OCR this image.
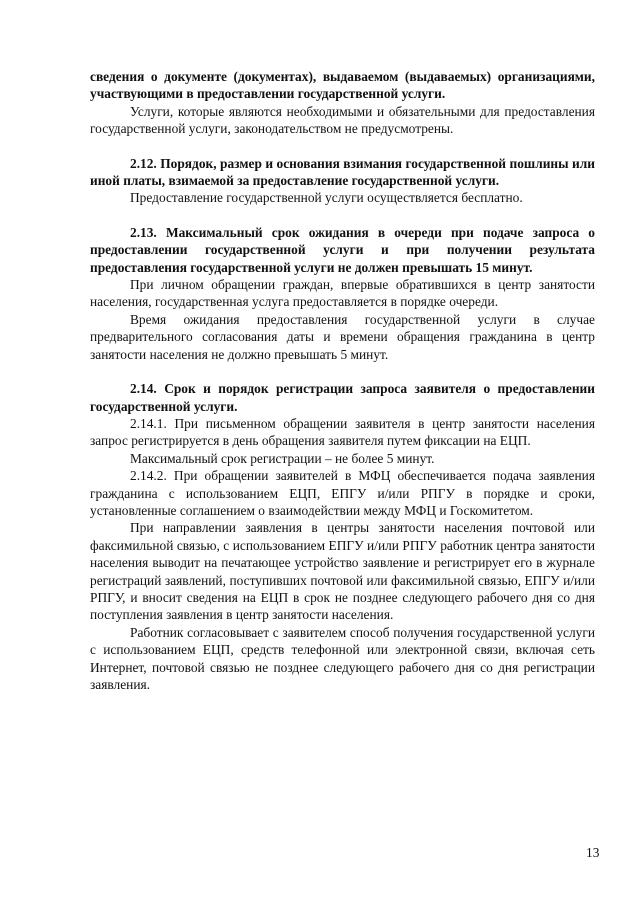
сведения о документе (документах), выдаваемом (выдаваемых) организациями, участвующими в предоставлении государственной услуги.

Услуги, которые являются необходимыми и обязательными для предоставления государственной услуги, законодательством не предусмотрены.

2.12. Порядок, размер и основания взимания государственной пошлины или иной платы, взимаемой за предоставление государственной услуги.

Предоставление государственной услуги осуществляется бесплатно.

2.13. Максимальный срок ожидания в очереди при подаче запроса о предоставлении государственной услуги и при получении результата предоставления государственной услуги не должен превышать 15 минут.

При личном обращении граждан, впервые обратившихся в центр занятости населения, государственная услуга предоставляется в порядке очереди.

Время ожидания предоставления государственной услуги в случае предварительного согласования даты и времени обращения гражданина в центр занятости населения не должно превышать 5 минут.

2.14. Срок и порядок регистрации запроса заявителя о предоставлении государственной услуги.

2.14.1. При письменном обращении заявителя в центр занятости населения запрос регистрируется в день обращения заявителя путем фиксации на ЕЦП.

Максимальный срок регистрации – не более 5 минут.

2.14.2. При обращении заявителей в МФЦ обеспечивается подача заявления гражданина с использованием ЕЦП, ЕПГУ и/или РПГУ в порядке и сроки, установленные соглашением о взаимодействии между МФЦ и Госкомитетом.

При направлении заявления в центры занятости населения почтовой или факсимильной связью, с использованием ЕПГУ и/или РПГУ работник центра занятости населения выводит на печатающее устройство заявление и регистрирует его в журнале регистраций заявлений, поступивших почтовой или факсимильной связью, ЕПГУ и/или РПГУ, и вносит сведения на ЕЦП в срок не позднее следующего рабочего дня со дня поступления заявления в центр занятости населения.

Работник согласовывает с заявителем способ получения государственной услуги с использованием ЕЦП, средств телефонной или электронной связи, включая сеть Интернет, почтовой связью не позднее следующего рабочего дня со дня регистрации заявления.

13
